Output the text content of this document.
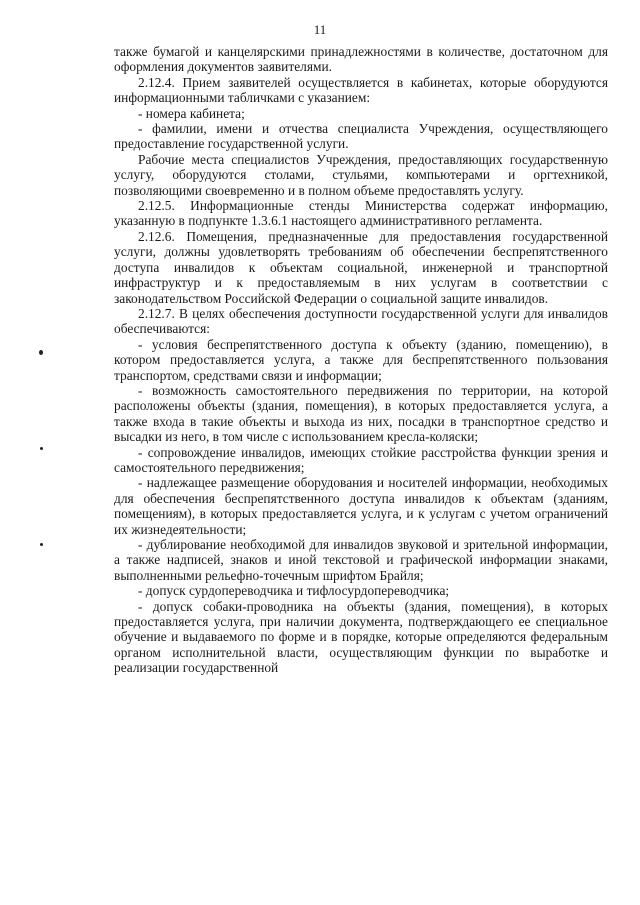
11

также бумагой и канцелярскими принадлежностями в количестве, достаточном для оформления документов заявителями.

2.12.4. Прием заявителей осуществляется в кабинетах, которые оборудуются информационными табличками с указанием:

- номера кабинета;

- фамилии, имени и отчества специалиста Учреждения, осуществляющего предоставление государственной услуги.

Рабочие места специалистов Учреждения, предоставляющих государственную услугу, оборудуются столами, стульями, компьютерами и оргтехникой, позволяющими своевременно и в полном объеме предоставлять услугу.

2.12.5. Информационные стенды Министерства содержат информацию, указанную в подпункте 1.3.6.1 настоящего административного регламента.

2.12.6. Помещения, предназначенные для предоставления государственной услуги, должны удовлетворять требованиям об обеспечении беспрепятственного доступа инвалидов к объектам социальной, инженерной и транспортной инфраструктур и к предоставляемым в них услугам в соответствии с законодательством Российской Федерации о социальной защите инвалидов.

2.12.7. В целях обеспечения доступности государственной услуги для инвалидов обеспечиваются:

- условия беспрепятственного доступа к объекту (зданию, помещению), в котором предоставляется услуга, а также для беспрепятственного пользования транспортом, средствами связи и информации;

- возможность самостоятельного передвижения по территории, на которой расположены объекты (здания, помещения), в которых предоставляется услуга, а также входа в такие объекты и выхода из них, посадки в транспортное средство и высадки из него, в том числе с использованием кресла-коляски;

- сопровождение инвалидов, имеющих стойкие расстройства функции зрения и самостоятельного передвижения;

- надлежащее размещение оборудования и носителей информации, необходимых для обеспечения беспрепятственного доступа инвалидов к объектам (зданиям, помещениям), в которых предоставляется услуга, и к услугам с учетом ограничений их жизнедеятельности;

- дублирование необходимой для инвалидов звуковой и зрительной информации, а также надписей, знаков и иной текстовой и графической информации знаками, выполненными рельефно-точечным шрифтом Брайля;

- допуск сурдопереводчика и тифлосурдопереводчика;

- допуск собаки-проводника на объекты (здания, помещения), в которых предоставляется услуга, при наличии документа, подтверждающего ее специальное обучение и выдаваемого по форме и в порядке, которые определяются федеральным органом исполнительной власти, осуществляющим функции по выработке и реализации государственной
